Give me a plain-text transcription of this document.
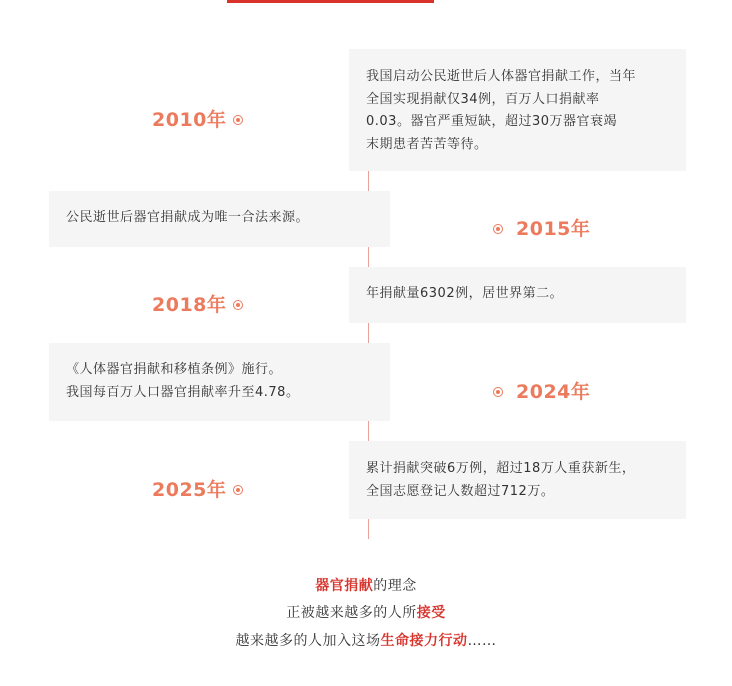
2010年

我国启动公民逝世后人体器官捐献工作，当年

全国实现捐献仅34例，百万人口捐献率

0.03。器官严重短缺，超过30万器官衰竭

末期患者苦苦等待。

公民逝世后器官捐献成为唯一合法来源。

2015年
2018年

年捐献量6302例，居世界第二。

《人体器官捐献和移植条例》施行。

我国每百万人口器官捐献率升至4.78。	2024年
2025年

累计捐献突破6万例，超过18万人重获新生，

全国志愿登记人数超过712万。

器官捐献的理念
正被越来越多的人所接受
越来越多的人加入这场生命接力行动……
